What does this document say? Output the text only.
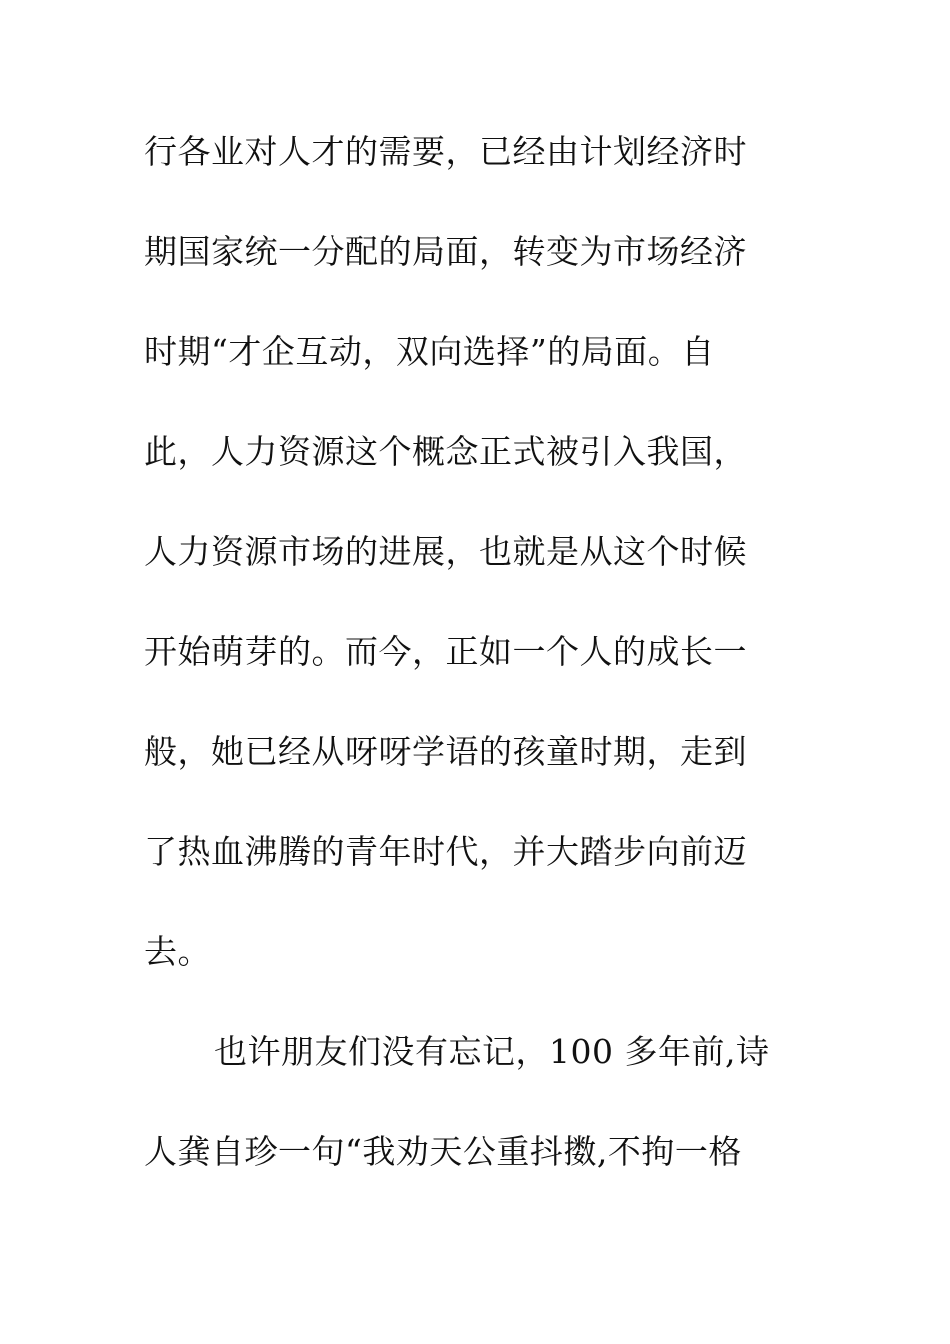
行各业对人才的需要，已经由计划经济时
期国家统一分配的局面，转变为市场经济
时期“才企互动，双向选择”的局面。自
此，人力资源这个概念正式被引入我国，
人力资源市场的进展，也就是从这个时候
开始萌芽的。而今，正如一个人的成长一
般，她已经从呀呀学语的孩童时期，走到
了热血沸腾的青年时代，并大踏步向前迈
去。
也许朋友们没有忘记，100 多年前,诗
人龚自珍一句“我劝天公重抖擞,不拘一格
